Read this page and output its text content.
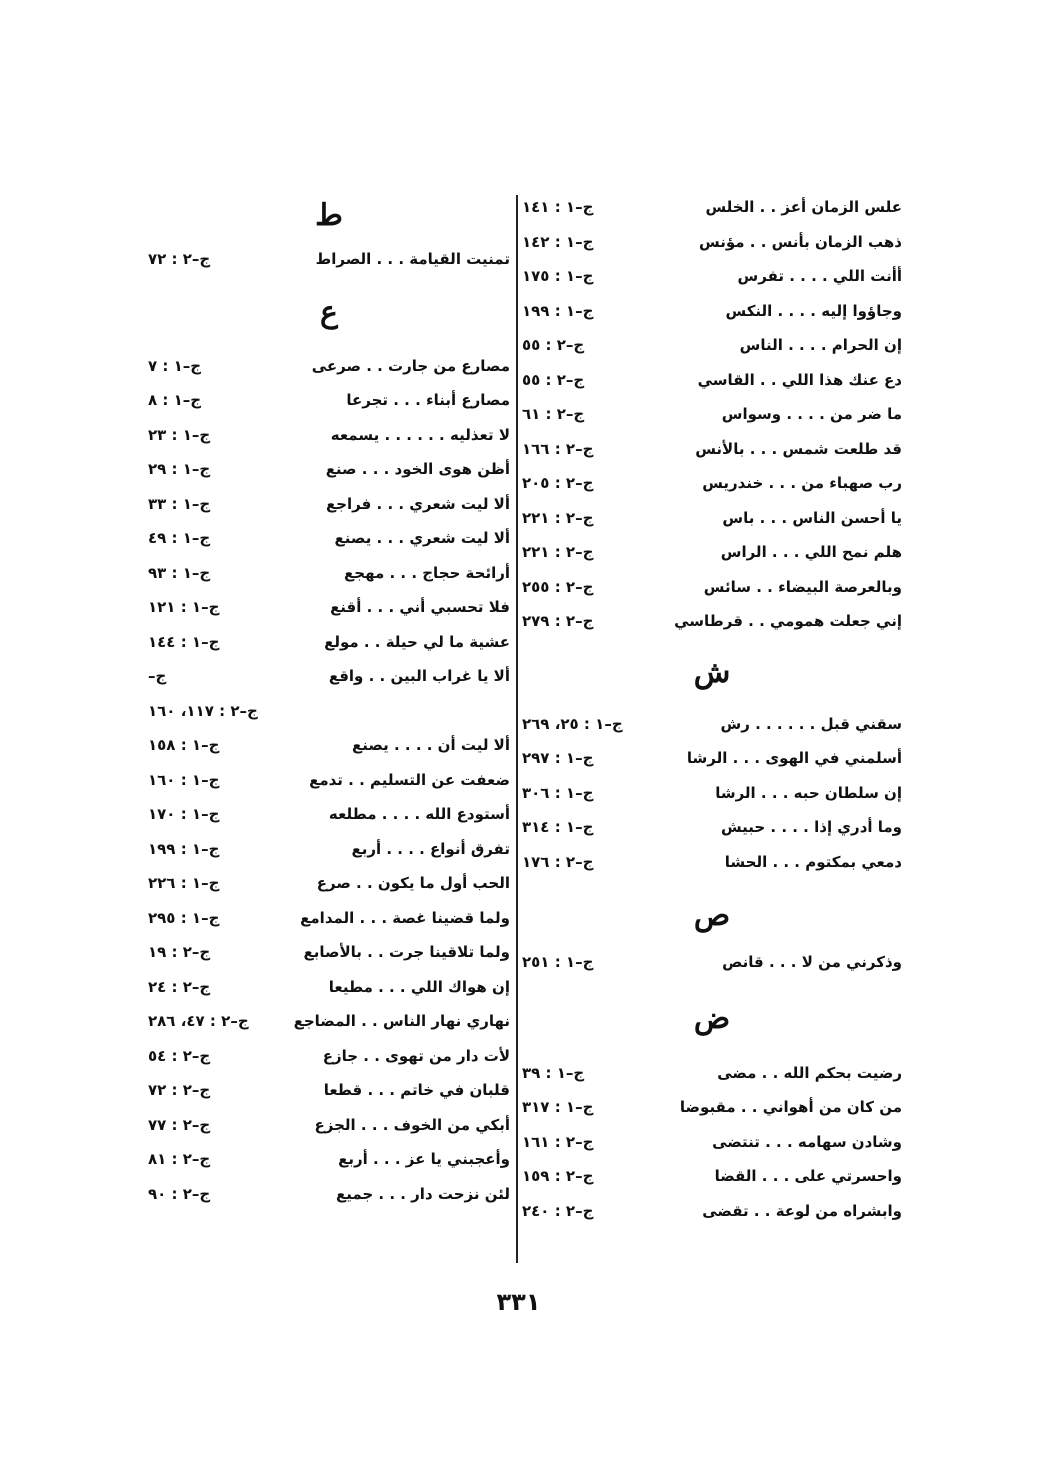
علس الزمان أعز . . الخلس
ج–١ : ١٤١
ذهب الزمان بأنس . . مؤنس
ج–١ : ١٤٢
أأنت اللي . . . . تفرس
ج–١ : ١٧٥
وجاؤوا إليه . . . . النكس
ج–١ : ١٩٩
إن الحرام . . . . الناس
ج–٢ : ٥٥
دع عنك هذا اللي . . القاسي
ج–٢ : ٥٥
ما ضر من . . . . وسواس
ج–٢ : ٦١
قد طلعت شمس . . . بالأنس
ج–٢ : ١٦٦
رب صهباء من . . . خندريس
ج–٢ : ٢٠٥
يا أحسن الناس . . . باس
ج–٢ : ٢٢١
هلم نمح اللي . . . الراس
ج–٢ : ٢٢١
وبالعرصة البيضاء . . سائس
ج–٢ : ٢٥٥
إني جعلت همومي . . قرطاسي
ج–٢ : ٢٧٩
ش
سقني قبل . . . . . . رش
ج–١ : ٢٥، ٢٦٩
أسلمني في الهوى . . . الرشا
ج–١ : ٢٩٧
إن سلطان حبه . . . الرشا
ج–١ : ٣٠٦
وما أدري إذا . . . . حبيش
ج–١ : ٣١٤
دمعي بمكتوم . . . الحشا
ج–٢ : ١٧٦
ص
وذكرني من لا . . . قانص
ج–١ : ٢٥١
ض
رضيت بحكم الله . . مضى
ج–١ : ٣٩
من كان من أهواني . . مقبوضا
ج–١ : ٣١٧
وشادن سهامه . . . تنتضى
ج–٢ : ١٦١
واحسرتي على . . . القضا
ج–٢ : ١٥٩
وابشراه من لوعة . . تقضى
ج–٢ : ٢٤٠
ط
تمنيت القيامة . . . الصراط
ج–٢ : ٧٢
ع
مصارع من جارت . . صرعى
ج–١ : ٧
مصارع أبناء . . . تجرعا
ج–١ : ٨
لا تعذليه . . . . . . يسمعه
ج–١ : ٢٣
أظن هوى الخود . . . صنع
ج–١ : ٢٩
ألا ليت شعري . . . فراجع
ج–١ : ٣٣
ألا ليت شعري . . . يصنع
ج–١ : ٤٩
أرائحة حجاج . . . مهجع
ج–١ : ٩٣
فلا تحسبي أني . . . أقنع
ج–١ : ١٢١
عشية ما لي حيلة . . مولع
ج–١ : ١٤٤
ألا يا غراب البين . . واقع
ج–
ج–٢ : ١١٧، ١٦٠
ألا ليت أن . . . . يصنع
ج–١ : ١٥٨
ضعفت عن التسليم . . تدمع
ج–١ : ١٦٠
أستودع الله . . . . مطلعه
ج–١ : ١٧٠
تفرق أنواع . . . . أربع
ج–١ : ١٩٩
الحب أول ما يكون . . صرع
ج–١ : ٢٢٦
ولما قضينا غصة . . . المدامع
ج–١ : ٢٩٥
ولما تلاقينا جرت . . بالأصابع
ج–٢ : ١٩
إن هواك اللي . . . مطيعا
ج–٢ : ٢٤
نهاري نهار الناس . . المضاجع
ج–٢ : ٤٧، ٢٨٦
لأت دار من تهوى . . جازع
ج–٢ : ٥٤
قلبان في خاتم . . . قطعا
ج–٢ : ٧٢
أبكي من الخوف . . . الجزع
ج–٢ : ٧٧
وأعجبني يا عز . . . أربع
ج–٢ : ٨١
لئن نزحت دار . . . جميع
ج–٢ : ٩٠
٣٣١
